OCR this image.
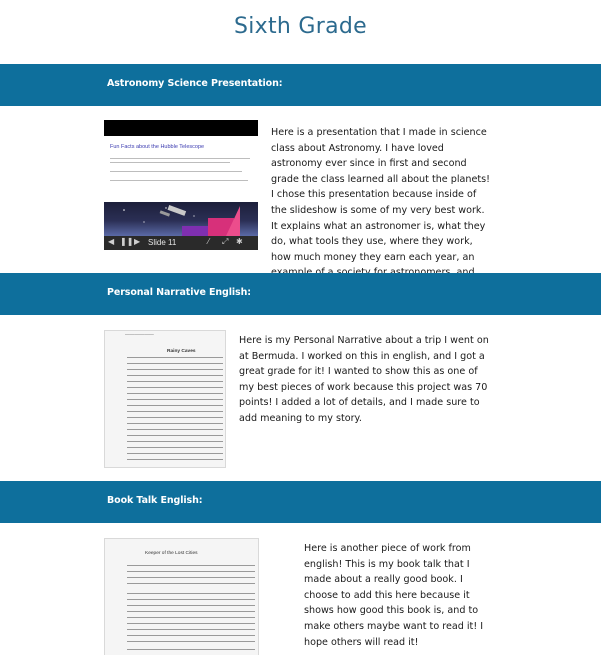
Sixth Grade
Astronomy Science Presentation:
Fun Facts about the Hubble Telescope
◀ ❚❚ ▶ Slide 11	⁄ ⤢ ✱
Here is a presentation that I made in science class about Astronomy. I have loved astronomy ever since in first and second grade the class learned all about the planets! I chose this presentation because inside of the slideshow is some of my very best work. It explains what an astronomer is, what they do, what tools they use, where they work, how much money they earn each year, an
Personal Narrative English:
——————
Rainy Caves
Here is my Personal Narrative about a trip I went on at Bermuda. I worked on this in english, and I got a great grade for it! I wanted to show this as one of my best pieces of work because this project was 70 points! I added a lot of details, and I made sure to add meaning to my story.
Book Talk English:
Keeper of the Lost Cities	Here is another piece of work from english! This is my book talk that I made about a really good book. I choose to add this here because it shows how good this book is, and to make others maybe want to read it! I hope others will read it!
